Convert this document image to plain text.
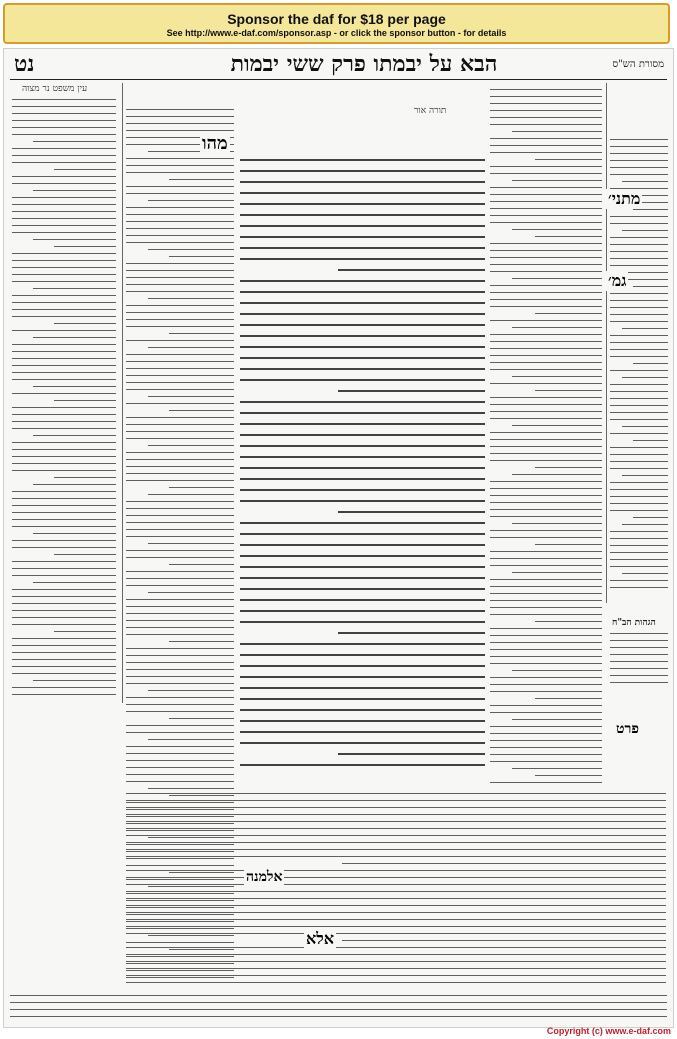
Sponsor the daf for $18 per page
See http://www.e-daf.com/sponsor.asp - or click the sponsor button - for details
נט	הבא על יבמתו פרק ששי יבמות	מסורת הש"ס
עין משפט נר מצוה
תורה אור
הגהות הב"ח
מהו
מתני׳
גמ׳
פרט
אלמנה
אלא
Copyright (c) www.e-daf.com
